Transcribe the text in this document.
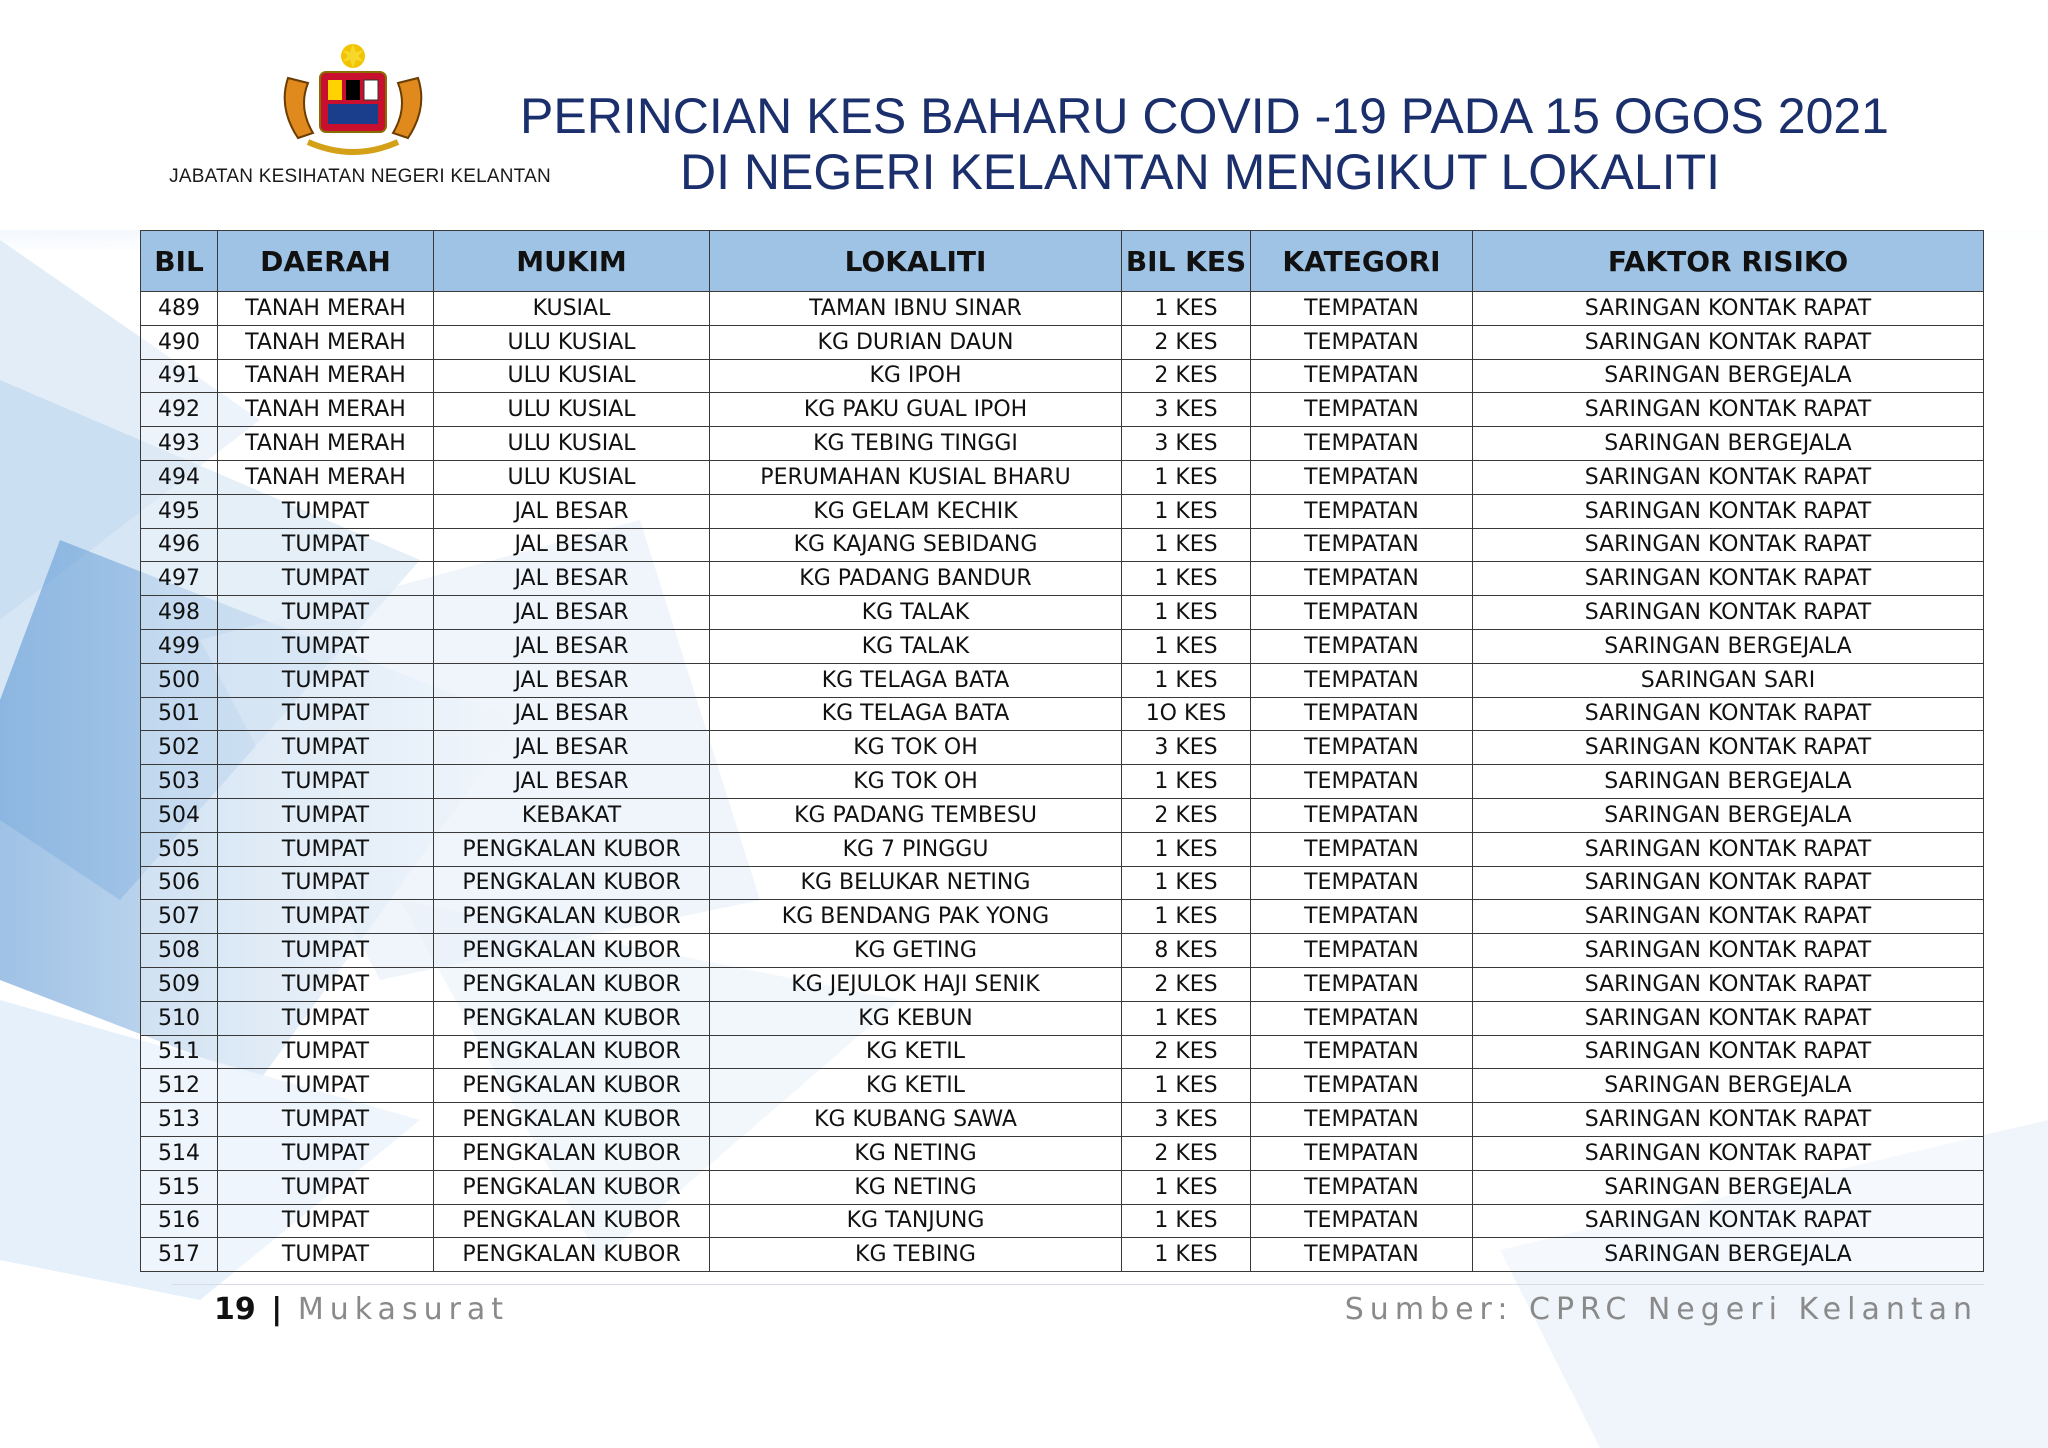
JABATAN KESIHATAN NEGERI KELANTAN
PERINCIAN KES BAHARU COVID -19 PADA 15 OGOS 2021
DI NEGERI KELANTAN MENGIKUT LOKALITI
BIL	DAERAH	MUKIM	LOKALITI	BIL KES	KATEGORI	FAKTOR RISIKO
489	TANAH MERAH	KUSIAL	TAMAN IBNU SINAR	1 KES	TEMPATAN	SARINGAN KONTAK RAPAT
490	TANAH MERAH	ULU KUSIAL	KG DURIAN DAUN	2 KES	TEMPATAN	SARINGAN KONTAK RAPAT
491	TANAH MERAH	ULU KUSIAL	KG IPOH	2 KES	TEMPATAN	SARINGAN BERGEJALA
492	TANAH MERAH	ULU KUSIAL	KG PAKU GUAL IPOH	3 KES	TEMPATAN	SARINGAN KONTAK RAPAT
493	TANAH MERAH	ULU KUSIAL	KG TEBING TINGGI	3 KES	TEMPATAN	SARINGAN BERGEJALA
494	TANAH MERAH	ULU KUSIAL	PERUMAHAN KUSIAL BHARU	1 KES	TEMPATAN	SARINGAN KONTAK RAPAT
495	TUMPAT	JAL BESAR	KG GELAM KECHIK	1 KES	TEMPATAN	SARINGAN KONTAK RAPAT
496	TUMPAT	JAL BESAR	KG KAJANG SEBIDANG	1 KES	TEMPATAN	SARINGAN KONTAK RAPAT
497	TUMPAT	JAL BESAR	KG PADANG BANDUR	1 KES	TEMPATAN	SARINGAN KONTAK RAPAT
498	TUMPAT	JAL BESAR	KG TALAK	1 KES	TEMPATAN	SARINGAN KONTAK RAPAT
499	TUMPAT	JAL BESAR	KG TALAK	1 KES	TEMPATAN	SARINGAN BERGEJALA
500	TUMPAT	JAL BESAR	KG TELAGA BATA	1 KES	TEMPATAN	SARINGAN SARI
501	TUMPAT	JAL BESAR	KG TELAGA BATA	1O KES	TEMPATAN	SARINGAN KONTAK RAPAT
502	TUMPAT	JAL BESAR	KG TOK OH	3 KES	TEMPATAN	SARINGAN KONTAK RAPAT
503	TUMPAT	JAL BESAR	KG TOK OH	1 KES	TEMPATAN	SARINGAN BERGEJALA
504	TUMPAT	KEBAKAT	KG PADANG TEMBESU	2 KES	TEMPATAN	SARINGAN BERGEJALA
505	TUMPAT	PENGKALAN KUBOR	KG 7 PINGGU	1 KES	TEMPATAN	SARINGAN KONTAK RAPAT
506	TUMPAT	PENGKALAN KUBOR	KG BELUKAR NETING	1 KES	TEMPATAN	SARINGAN KONTAK RAPAT
507	TUMPAT	PENGKALAN KUBOR	KG BENDANG PAK YONG	1 KES	TEMPATAN	SARINGAN KONTAK RAPAT
508	TUMPAT	PENGKALAN KUBOR	KG GETING	8 KES	TEMPATAN	SARINGAN KONTAK RAPAT
509	TUMPAT	PENGKALAN KUBOR	KG JEJULOK HAJI SENIK	2 KES	TEMPATAN	SARINGAN KONTAK RAPAT
510	TUMPAT	PENGKALAN KUBOR	KG KEBUN	1 KES	TEMPATAN	SARINGAN KONTAK RAPAT
511	TUMPAT	PENGKALAN KUBOR	KG KETIL	2 KES	TEMPATAN	SARINGAN KONTAK RAPAT
512	TUMPAT	PENGKALAN KUBOR	KG KETIL	1 KES	TEMPATAN	SARINGAN BERGEJALA
513	TUMPAT	PENGKALAN KUBOR	KG KUBANG SAWA	3 KES	TEMPATAN	SARINGAN KONTAK RAPAT
514	TUMPAT	PENGKALAN KUBOR	KG NETING	2 KES	TEMPATAN	SARINGAN KONTAK RAPAT
515	TUMPAT	PENGKALAN KUBOR	KG NETING	1 KES	TEMPATAN	SARINGAN BERGEJALA
516	TUMPAT	PENGKALAN KUBOR	KG TANJUNG	1 KES	TEMPATAN	SARINGAN KONTAK RAPAT
517	TUMPAT	PENGKALAN KUBOR	KG TEBING	1 KES	TEMPATAN	SARINGAN BERGEJALA
19 | Mukasurat	Sumber: CPRC Negeri Kelantan
